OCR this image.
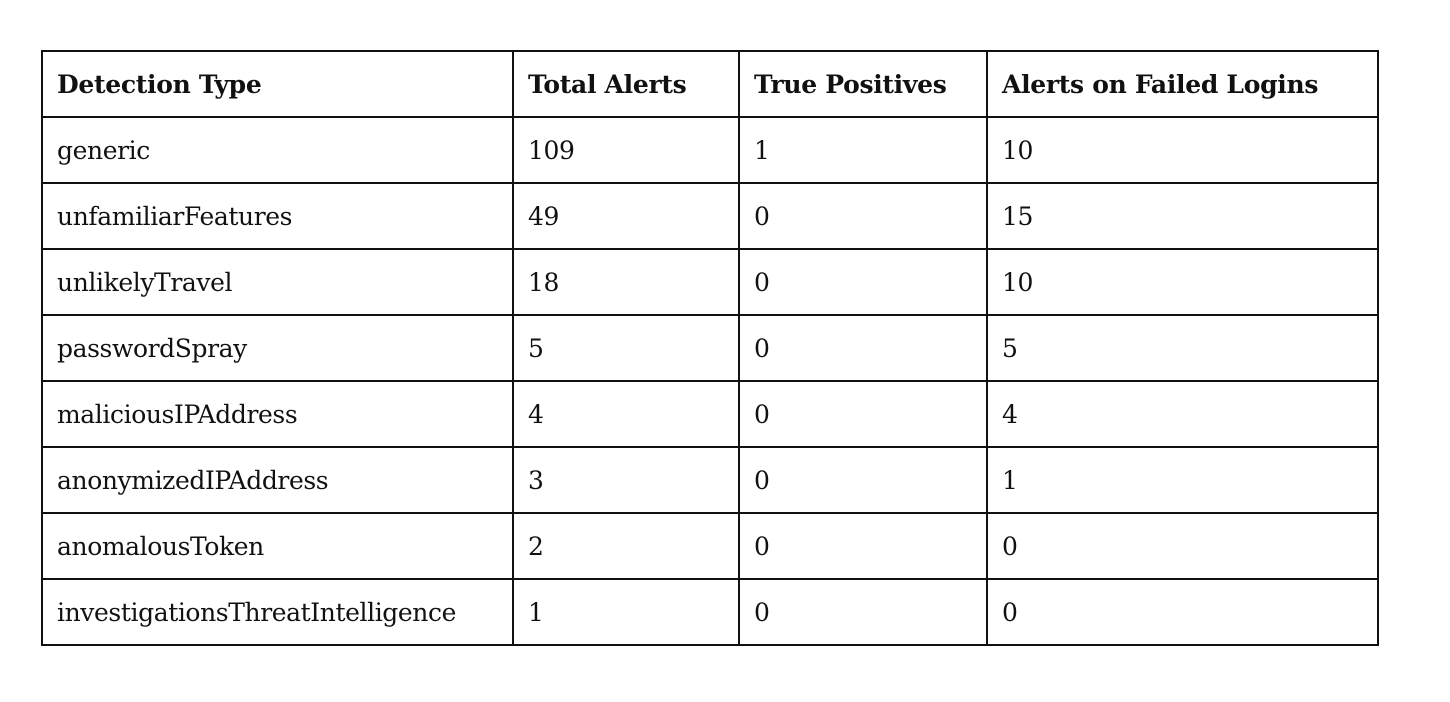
Detection Type	Total Alerts	True Positives	Alerts on Failed Logins
generic	109	1	10
unfamiliarFeatures	49	0	15
unlikelyTravel	18	0	10
passwordSpray	5	0	5
maliciousIPAddress	4	0	4
anonymizedIPAddress	3	0	1
anomalousToken	2	0	0
investigationsThreatIntelligence	1	0	0
